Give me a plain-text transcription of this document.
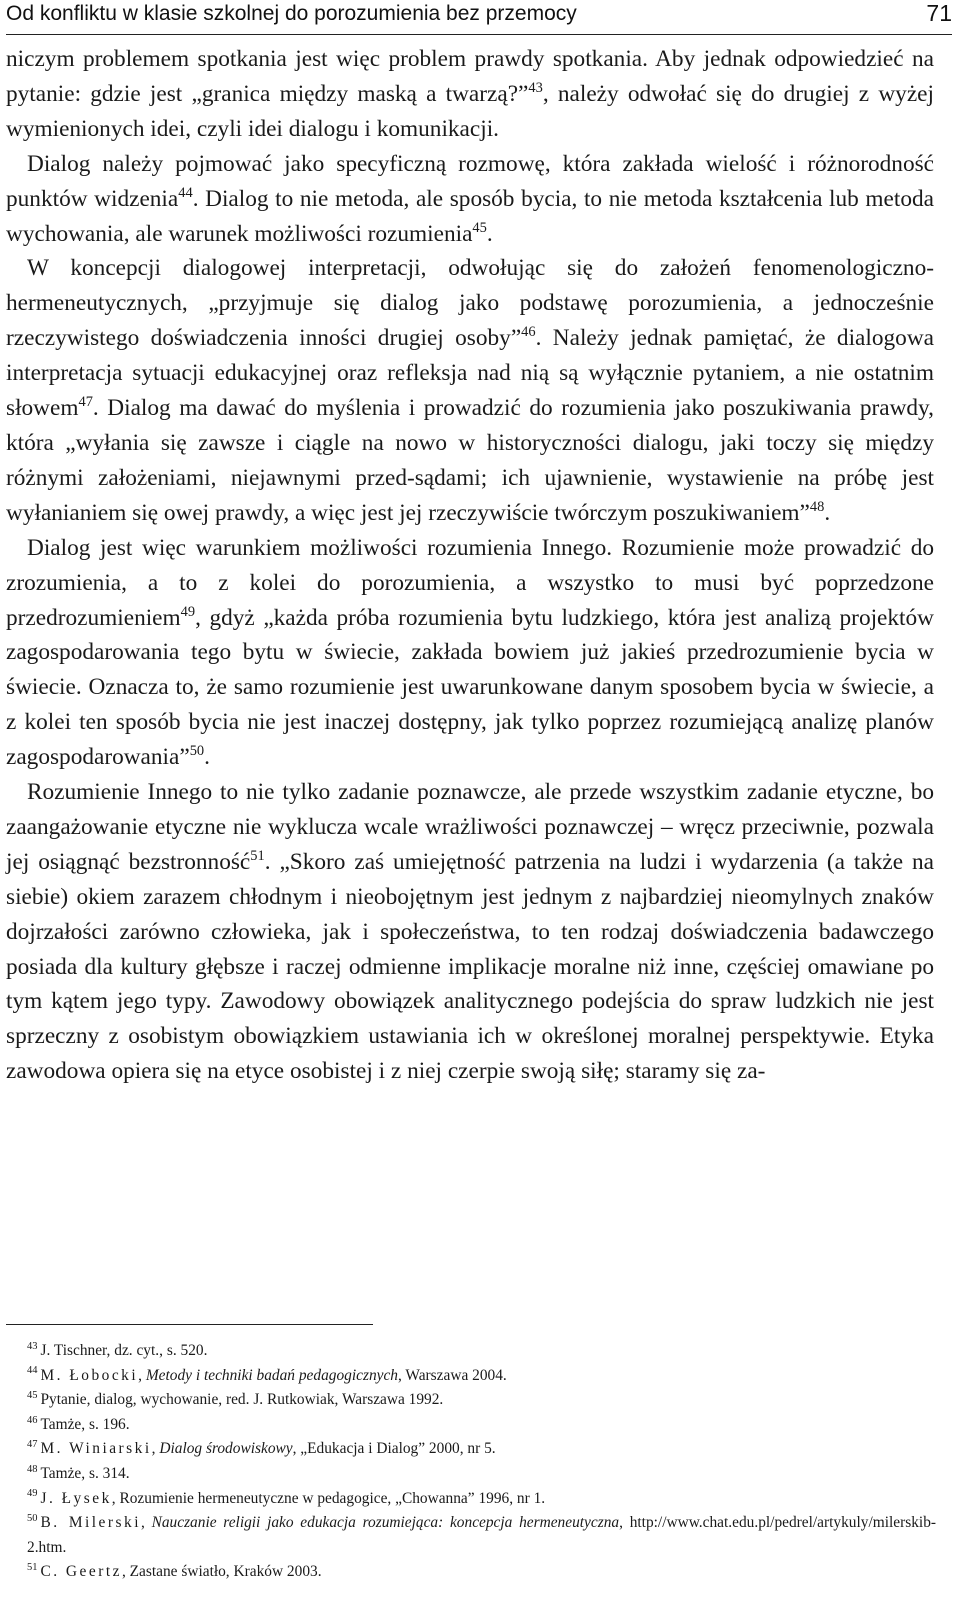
Od konfliktu w klasie szkolnej do porozumienia bez przemocy	71

niczym problemem spotkania jest więc problem prawdy spotkania. Aby jednak odpowiedzieć na pytanie: gdzie jest „granica między maską a twarzą?”$^{43}$, należy odwołać się do drugiej z wyżej wymienionych idei, czyli idei dialogu i komunikacji.

Dialog należy pojmować jako specyficzną rozmowę, która zakłada wielość i różnorodność punktów widzenia$^{44}$. Dialog to nie metoda, ale sposób bycia, to nie metoda kształcenia lub metoda wychowania, ale warunek możliwości rozumienia$^{45}$.

W koncepcji dialogowej interpretacji, odwołując się do założeń fenomenologiczno-hermeneutycznych, „przyjmuje się dialog jako podstawę porozumienia, a jednocześnie rzeczywistego doświadczenia inności drugiej osoby”$^{46}$. Należy jednak pamiętać, że dialogowa interpretacja sytuacji edukacyjnej oraz refleksja nad nią są wyłącznie pytaniem, a nie ostatnim słowem$^{47}$. Dialog ma dawać do myślenia i prowadzić do rozumienia jako poszukiwania prawdy, która „wyłania się zawsze i ciągle na nowo w historyczności dialogu, jaki toczy się między różnymi założeniami, niejawnymi przed-sądami; ich ujawnienie, wystawienie na próbę jest wyłanianiem się owej prawdy, a więc jest jej rzeczywiście twórczym poszukiwaniem”$^{48}$.

Dialog jest więc warunkiem możliwości rozumienia Innego. Rozumienie może prowadzić do zrozumienia, a to z kolei do porozumienia, a wszystko to musi być poprzedzone przedrozumieniem$^{49}$, gdyż „każda próba rozumienia bytu ludzkiego, która jest analizą projektów zagospodarowania tego bytu w świecie, zakłada bowiem już jakieś przedrozumienie bycia w świecie. Oznacza to, że samo rozumienie jest uwarunkowane danym sposobem bycia w świecie, a z kolei ten sposób bycia nie jest inaczej dostępny, jak tylko poprzez rozumiejącą analizę planów zagospodarowania”$^{50}$.

Rozumienie Innego to nie tylko zadanie poznawcze, ale przede wszystkim zadanie etyczne, bo zaangażowanie etyczne nie wyklucza wcale wrażliwości poznawczej – wręcz przeciwnie, pozwala jej osiągnąć bezstronność$^{51}$. „Skoro zaś umiejętność patrzenia na ludzi i wydarzenia (a także na siebie) okiem zarazem chłodnym i nieobojętnym jest jednym z najbardziej nieomylnych znaków dojrzałości zarówno człowieka, jak i społeczeństwa, to ten rodzaj doświadczenia badawczego posiada dla kultury głębsze i raczej odmienne implikacje moralne niż inne, częściej omawiane po tym kątem jego typy. Zawodowy obowiązek analitycznego podejścia do spraw ludzkich nie jest sprzeczny z osobistym obowiązkiem ustawiania ich w określonej moralnej perspektywie. Etyka zawodowa opiera się na etyce osobistej i z niej czerpie swoją siłę; staramy się za-

$^{43}$ J. Tischner, dz. cyt., s. 520.
$^{44}$ M. Łobocki, Metody i techniki badań pedagogicznych, Warszawa 2004.
$^{45}$ Pytanie, dialog, wychowanie, red. J. Rutkowiak, Warszawa 1992.
$^{46}$ Tamże, s. 196.
$^{47}$ M. Winiarski, Dialog środowiskowy, „Edukacja i Dialog” 2000, nr 5.
$^{48}$ Tamże, s. 314.
$^{49}$ J. Łysek, Rozumienie hermeneutyczne w pedagogice, „Chowanna” 1996, nr 1.
$^{50}$ B. Milerski, Nauczanie religii jako edukacja rozumiejąca: koncepcja hermeneutyczna, http://www.chat.edu.pl/pedrel/artykuly/milerskib-2.htm.
$^{51}$ C. Geertz, Zastane światło, Kraków 2003.
